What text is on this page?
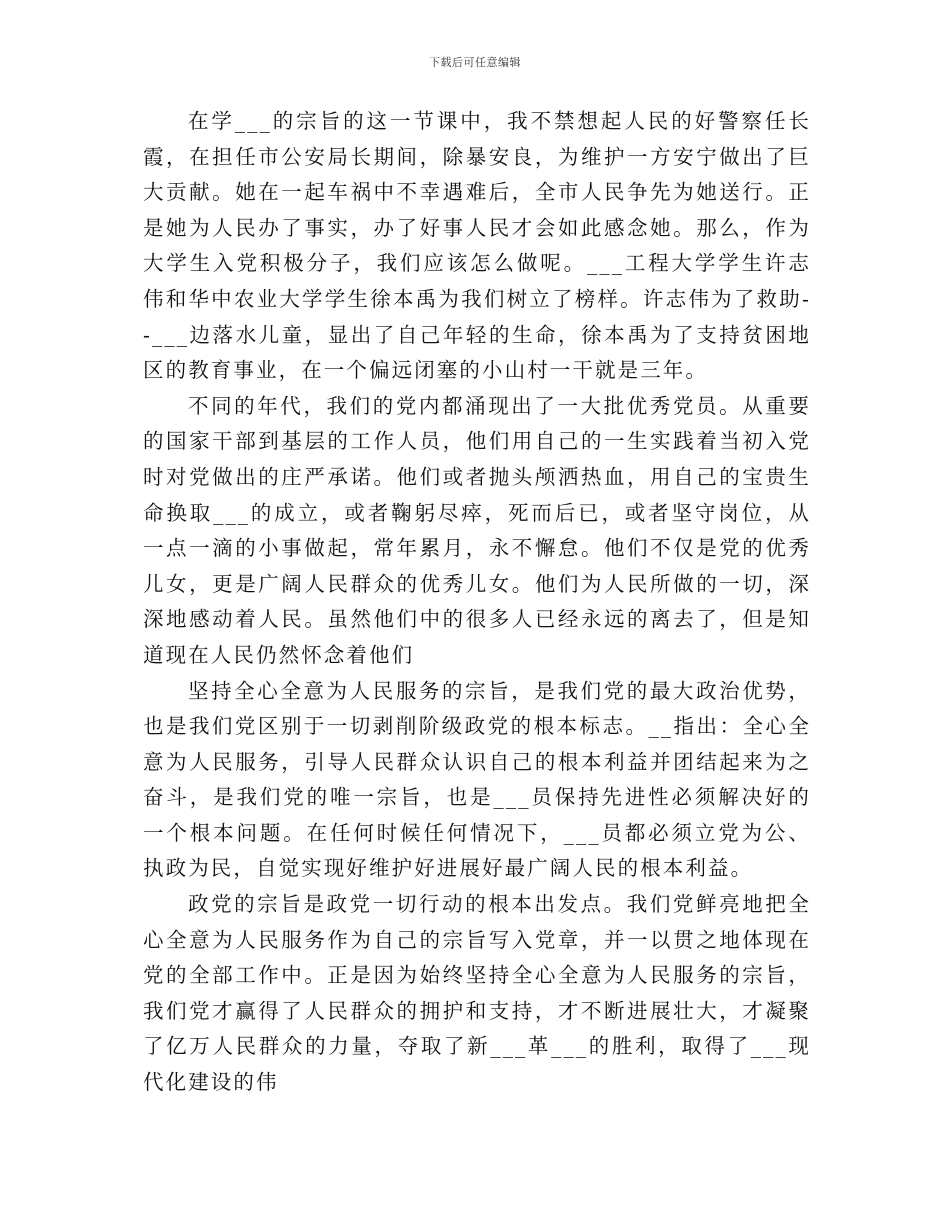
下载后可任意编辑

在学___的宗旨的这一节课中，我不禁想起人民的好警察任长霞，在担任市公安局长期间，除暴安良，为维护一方安宁做出了巨大贡献。她在一起车祸中不幸遇难后，全市人民争先为她送行。正是她为人民办了事实，办了好事人民才会如此感念她。那么，作为大学生入党积极分子，我们应该怎么做呢。___工程大学学生许志伟和华中农业大学学生徐本禹为我们树立了榜样。许志伟为了救助--___边落水儿童，显出了自己年轻的生命，徐本禹为了支持贫困地区的教育事业，在一个偏远闭塞的小山村一干就是三年。

不同的年代，我们的党内都涌现出了一大批优秀党员。从重要的国家干部到基层的工作人员，他们用自己的一生实践着当初入党时对党做出的庄严承诺。他们或者抛头颅洒热血，用自己的宝贵生命换取___的成立，或者鞠躬尽瘁，死而后已，或者坚守岗位，从一点一滴的小事做起，常年累月，永不懈怠。他们不仅是党的优秀儿女，更是广阔人民群众的优秀儿女。他们为人民所做的一切，深深地感动着人民。虽然他们中的很多人已经永远的离去了，但是知道现在人民仍然怀念着他们

坚持全心全意为人民服务的宗旨，是我们党的最大政治优势，也是我们党区别于一切剥削阶级政党的根本标志。__指出：全心全意为人民服务，引导人民群众认识自己的根本利益并团结起来为之奋斗，是我们党的唯一宗旨，也是___员保持先进性必须解决好的一个根本问题。在任何时候任何情况下，___员都必须立党为公、执政为民，自觉实现好维护好进展好最广阔人民的根本利益。

政党的宗旨是政党一切行动的根本出发点。我们党鲜亮地把全心全意为人民服务作为自己的宗旨写入党章，并一以贯之地体现在党的全部工作中。正是因为始终坚持全心全意为人民服务的宗旨，我们党才赢得了人民群众的拥护和支持，才不断进展壮大，才凝聚了亿万人民群众的力量，夺取了新___革___的胜利，取得了___现代化建设的伟
